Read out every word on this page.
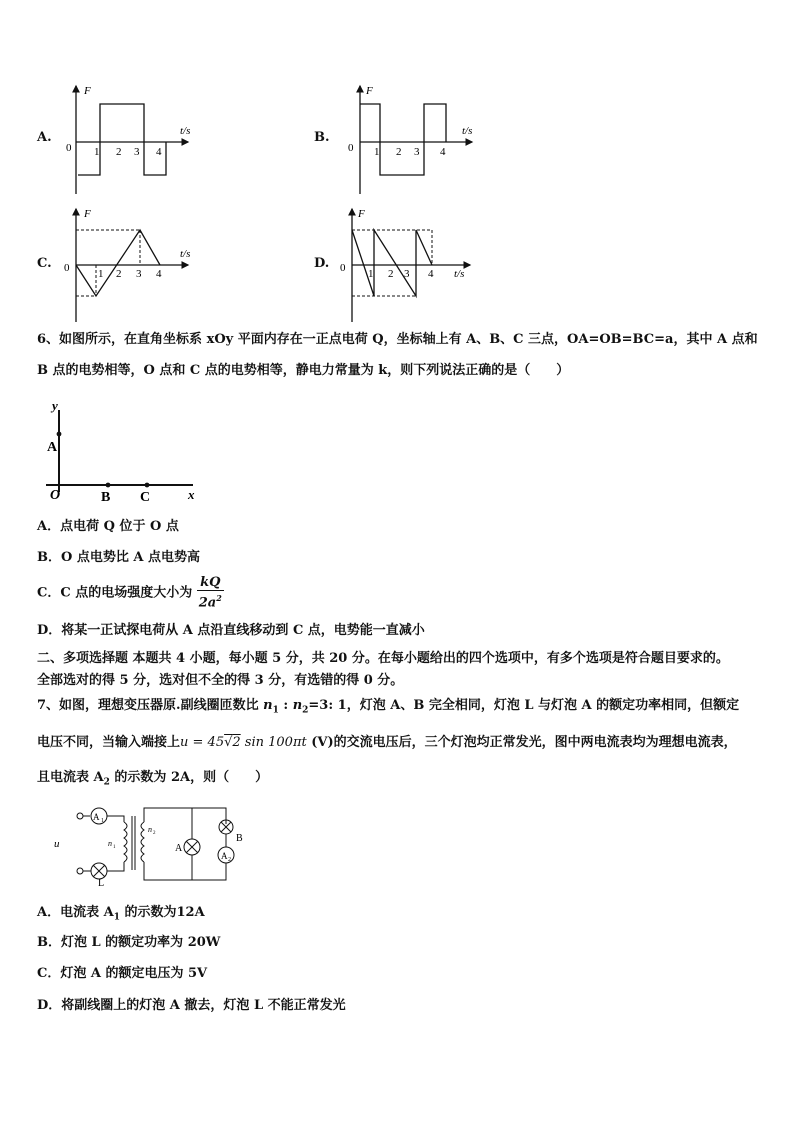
A.
F
t/s
0 1 2 3 4
B.
F
t/s
0 1 2 3 4
C.
F
t/s
0	1 2 3 4
D.
F
t/s
0 1 2 3 4
6、如图所示，在直角坐标系 xOy 平面内存在一正点电荷 Q，坐标轴上有 A、B、C 三点，OA=OB=BC=a，其中 A 点和
B 点的电势相等，O 点和 C 点的电势相等，静电力常量为 k，则下列说法正确的是（　　）
y
x
O
A
B C
A．点电荷 Q 位于 O 点
B．O 点电势比 A 点电势高
C．C 点的电场强度大小为 $\frac{kQ}{2a^2}$
D．将某一正试探电荷从 A 点沿直线移动到 C 点，电势能一直减小
二、多项选择题 本题共 4 小题，每小题 5 分，共 20 分。在每小题给出的四个选项中，有多个选项是符合题目要求的。
全部选对的得 5 分，选对但不全的得 3 分，有选错的得 0 分。
7、如图，理想变压器原.副线圈匝数比 $n_1$ : $n_2=3$: 1，灯泡 A、B 完全相同，灯泡 L 与灯泡 A 的额定功率相同，但额定
电压不同，当输入端接上u = 45√2 sin 100πt (V)的交流电压后，三个灯泡均正常发光，图中两电流表均为理想电流表，
且电流表 $A_2$ 的示数为 2A，则（　　）
u
A 1
L
n 1
n 2
A
B
A 2
A．电流表 $A_1$ 的示数为12A
B．灯泡 L 的额定功率为 20W
C．灯泡 A 的额定电压为 5V
D．将副线圈上的灯泡 A 撤去，灯泡 L 不能正常发光
